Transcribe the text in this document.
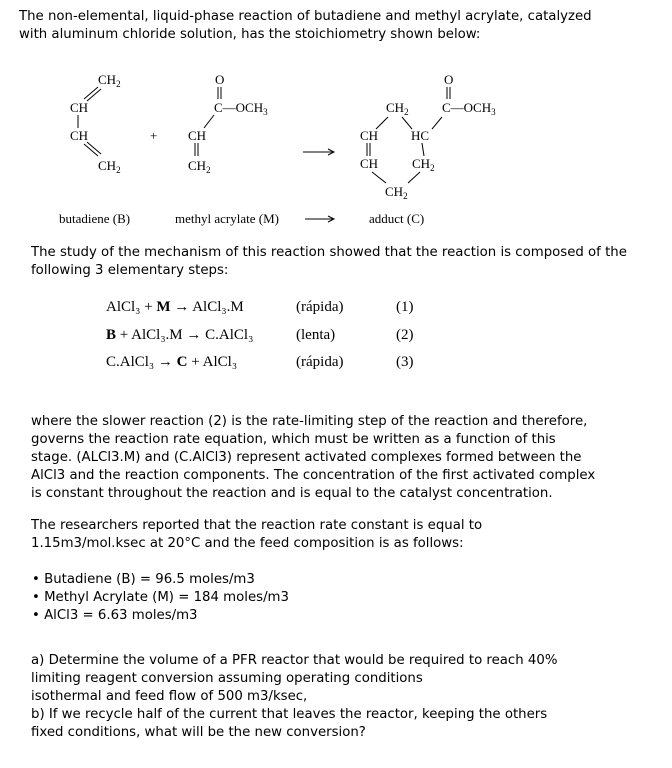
The non-elemental, liquid-phase reaction of butadiene and methyl acrylate, catalyzed

with aluminum chloride solution, has the stoichiometry shown below:

$CH_2$
CH
CH
$CH_2$
+
O
$C—OCH_3$
CH
$CH_2$
$CH_2$
O
$C—OCH_3$
CH	HC
CH	$CH_2$
$CH_2$
butadiene (B)	methyl acrylate (M)	adduct (C)

The study of the mechanism of this reaction showed that the reaction is composed of the

following 3 elementary steps:

AlCl₃ + M → AlCl₃.M	(rápida)	(1)
B + AlCl₃.M → C.AlCl₃	(lenta)	(2)
C.AlCl₃ → C + AlCl₃	(rápida)	(3)

where the slower reaction (2) is the rate-limiting step of the reaction and therefore,

governs the reaction rate equation, which must be written as a function of this

stage. (ALCl3.M) and (C.AlCl3) represent activated complexes formed between the

AlCl3 and the reaction components. The concentration of the first activated complex

is constant throughout the reaction and is equal to the catalyst concentration.

The researchers reported that the reaction rate constant is equal to

1.15m3/mol.ksec at 20°C and the feed composition is as follows:

• Butadiene (B) = 96.5 moles/m3
• Methyl Acrylate (M) = 184 moles/m3
• AlCl3 = 6.63 moles/m3

a) Determine the volume of a PFR reactor that would be required to reach 40%

limiting reagent conversion assuming operating conditions

isothermal and feed flow of 500 m3/ksec,

b) If we recycle half of the current that leaves the reactor, keeping the others

fixed conditions, what will be the new conversion?
